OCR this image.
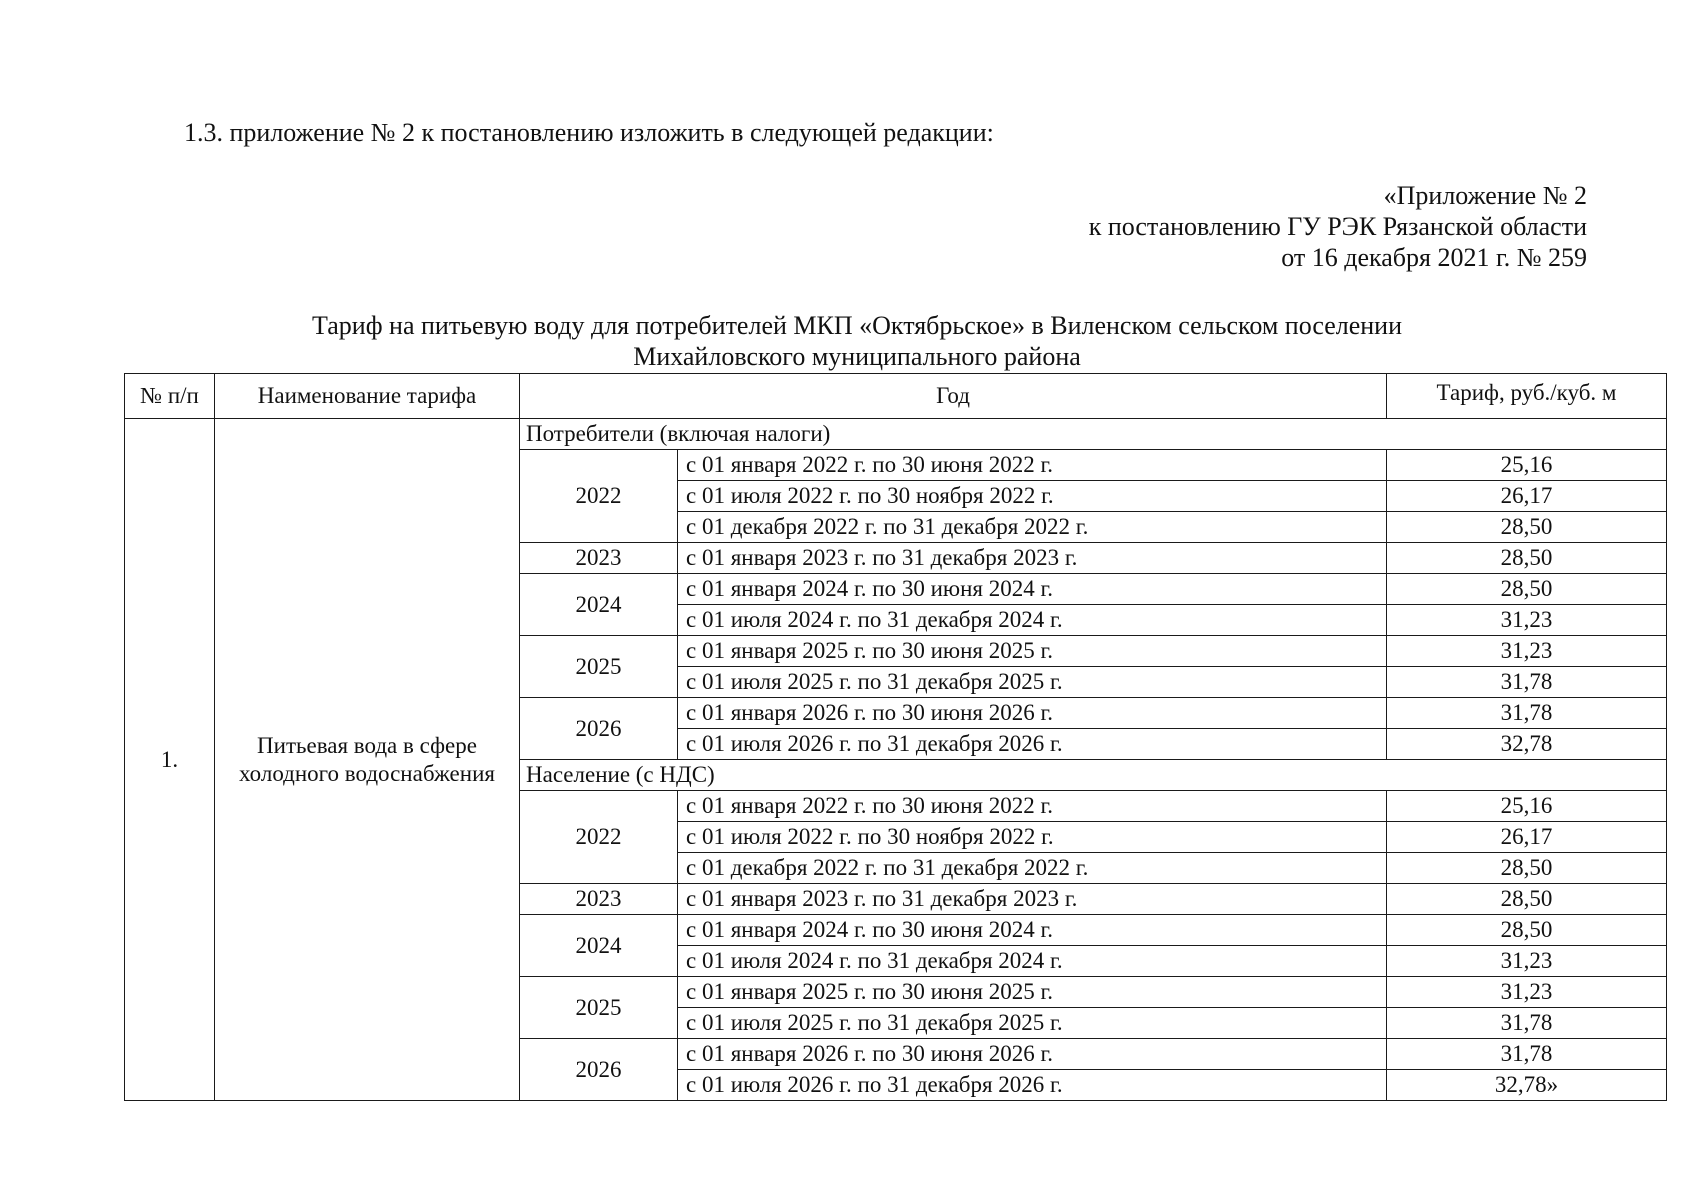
1.3. приложение № 2 к постановлению изложить в следующей редакции:
«Приложение № 2
к постановлению ГУ РЭК Рязанской области
от 16 декабря 2021 г. № 259
Тариф на питьевую воду для потребителей МКП «Октябрьское» в Виленском сельском поселении
Михайловского муниципального района
№ п/п	Наименование тарифа	Год		Тариф, руб./куб. м
1.	Питьевая вода в сфере холодного водоснабжения	Потребители (включая налоги)		
		2022	с 01 января 2022 г. по 30 июня 2022 г.	25,16
			с 01 июля 2022 г. по 30 ноября 2022 г.	26,17
			с 01 декабря 2022 г. по 31 декабря 2022 г.	28,50
		2023	с 01 января 2023 г. по 31 декабря 2023 г.	28,50
		2024	с 01 января 2024 г. по 30 июня 2024 г.	28,50
			с 01 июля 2024 г. по 31 декабря 2024 г.	31,23
		2025	с 01 января 2025 г. по 30 июня 2025 г.	31,23
			с 01 июля 2025 г. по 31 декабря 2025 г.	31,78
		2026	с 01 января 2026 г. по 30 июня 2026 г.	31,78
			с 01 июля 2026 г. по 31 декабря 2026 г.	32,78
		Население (с НДС)		
		2022	с 01 января 2022 г. по 30 июня 2022 г.	25,16
			с 01 июля 2022 г. по 30 ноября 2022 г.	26,17
			с 01 декабря 2022 г. по 31 декабря 2022 г.	28,50
		2023	с 01 января 2023 г. по 31 декабря 2023 г.	28,50
		2024	с 01 января 2024 г. по 30 июня 2024 г.	28,50
			с 01 июля 2024 г. по 31 декабря 2024 г.	31,23
		2025	с 01 января 2025 г. по 30 июня 2025 г.	31,23
			с 01 июля 2025 г. по 31 декабря 2025 г.	31,78
		2026	с 01 января 2026 г. по 30 июня 2026 г.	31,78
			с 01 июля 2026 г. по 31 декабря 2026 г.	32,78»
